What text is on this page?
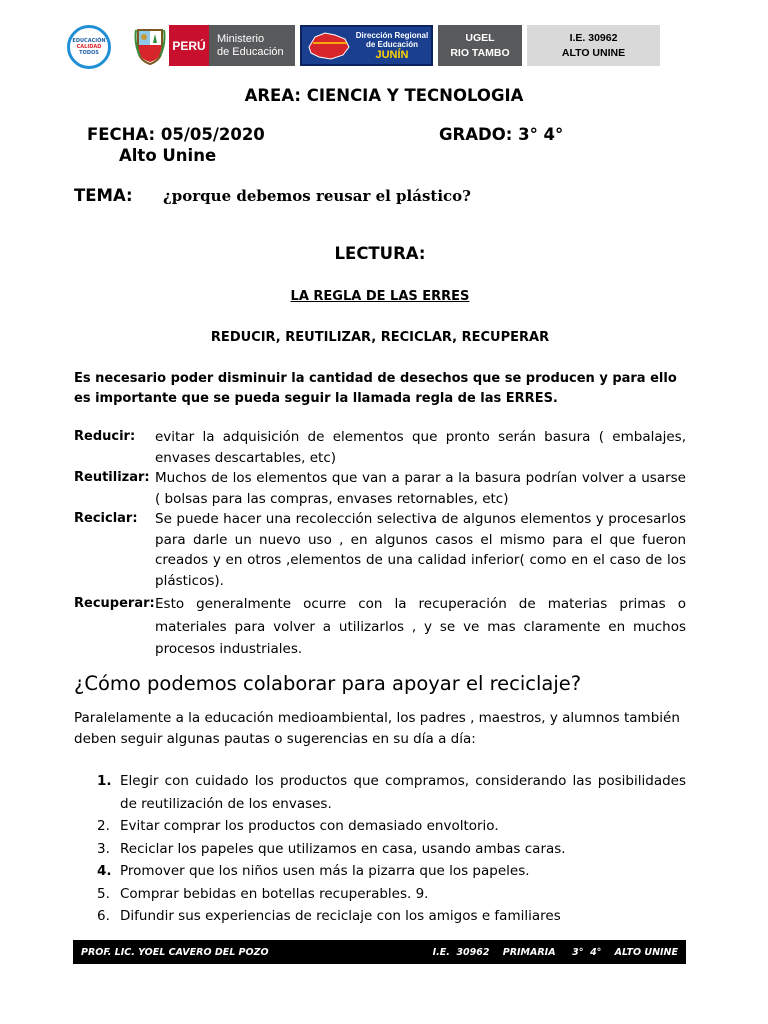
EDUCACIÓN
CALIDAD
TODOS
PERÚ	Ministerio
de Educación
Dirección Regional
de Educación
JUNÍN
UGEL
RIO TAMBO
I.E. 30962
ALTO UNINE
AREA: CIENCIA Y TECNOLOGIA
FECHA: 05/05/2020	GRADO: 3° 4°
Alto Unine
TEMA: ¿porque debemos reusar el plástico?
LECTURA:
LA REGLA DE LAS ERRES
REDUCIR, REUTILIZAR, RECICLAR, RECUPERAR
Es necesario poder disminuir la cantidad de desechos que se producen y para ello es importante que se pueda seguir la llamada regla de las ERRES.
Reducir: evitar la adquisición de elementos que pronto serán basura ( embalajes, envases descartables, etc)
Reutilizar: Muchos de los elementos que van a parar a la basura podrían volver a usarse ( bolsas para las compras, envases retornables, etc)
Reciclar: Se puede hacer una recolección selectiva de algunos elementos y procesarlos para darle un nuevo uso , en algunos casos el mismo para el que fueron creados y en otros ,elementos de una calidad inferior( como en el caso de los plásticos).
Recuperar: Esto generalmente ocurre con la recuperación de materias primas o materiales para volver a utilizarlos , y se ve mas claramente en muchos procesos industriales.
¿Cómo podemos colaborar para apoyar el reciclaje?
Paralelamente a la educación medioambiental, los padres , maestros, y alumnos también deben seguir algunas pautas o sugerencias en su día a día:
1. Elegir con cuidado los productos que compramos, considerando las posibilidades de reutilización de los envases.
2. Evitar comprar los productos con demasiado envoltorio.
3. Reciclar los papeles que utilizamos en casa, usando ambas caras.
4. Promover que los niños usen más la pizarra que los papeles.
5. Comprar bebidas en botellas recuperables. 9.
6. Difundir sus experiencias de reciclaje con los amigos e familiares
PROF. LIC. YOEL CAVERO DEL POZO	I.E.  30962    PRIMARIA     3°  4°    ALTO UNINE
